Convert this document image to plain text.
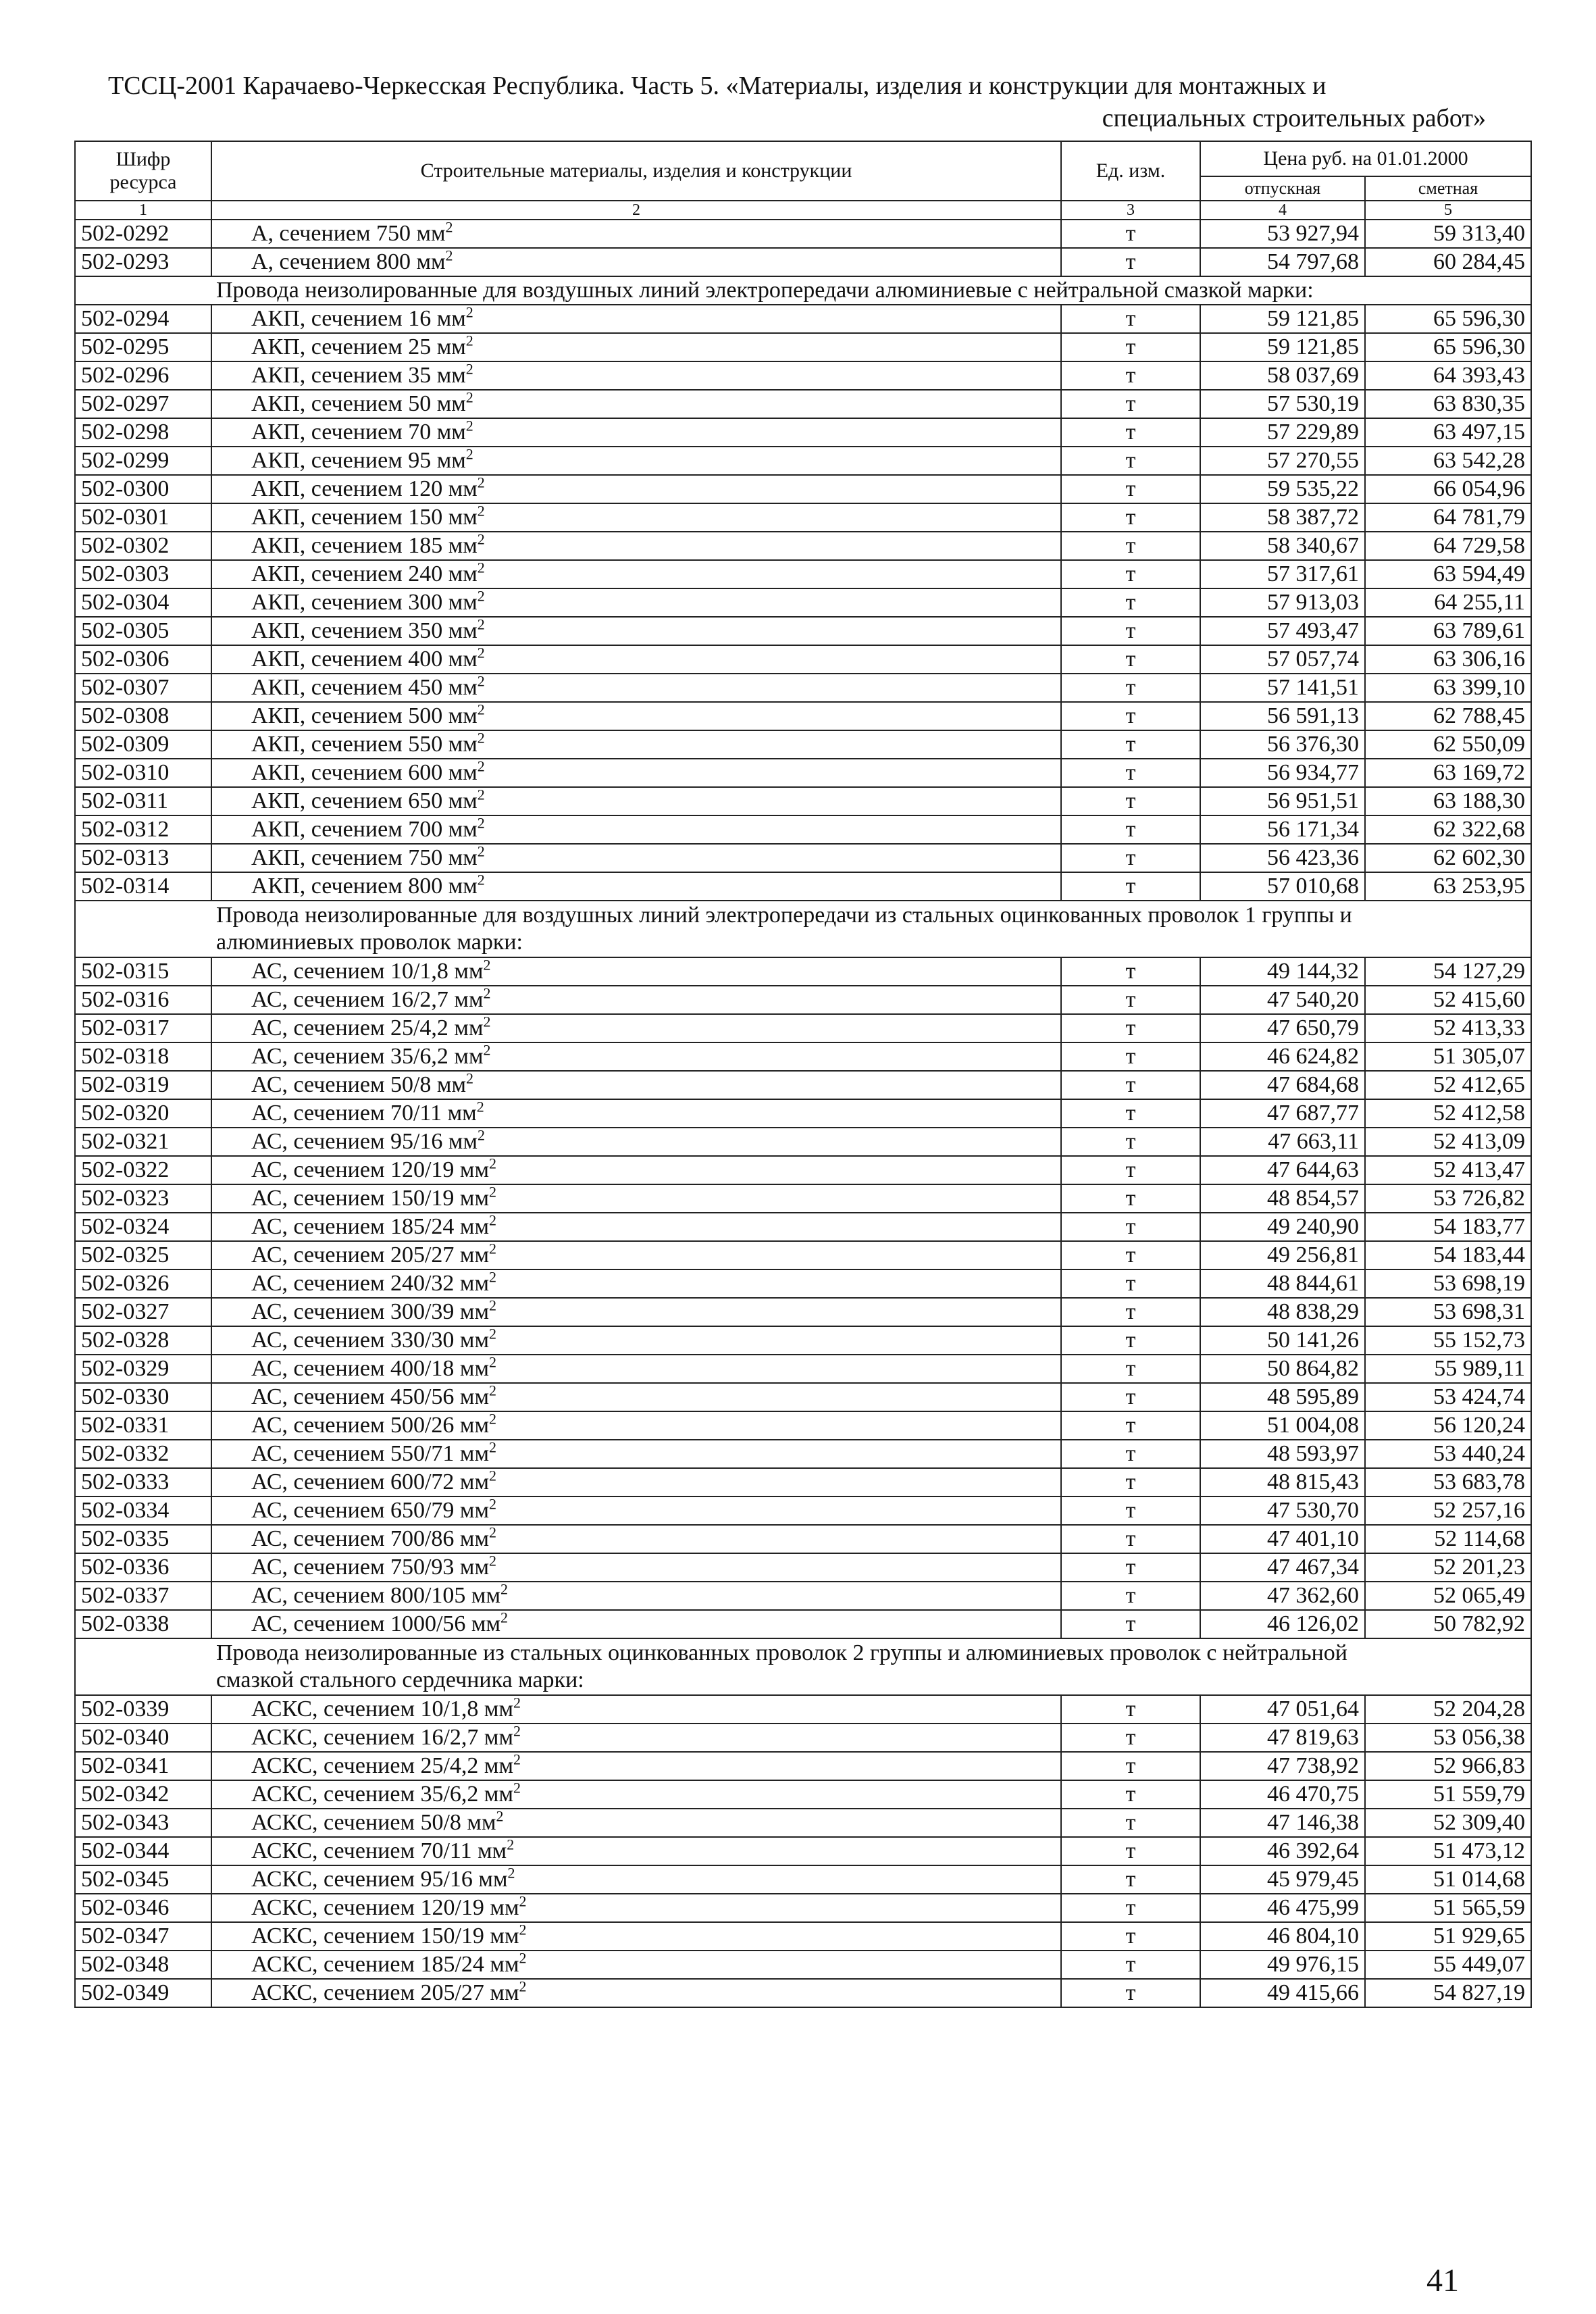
ТССЦ-2001 Карачаево-Черкесская Республика. Часть 5. «Материалы, изделия и конструкции для монтажных и
специальных строительных работ»
Шифр ресурса	Строительные материалы, изделия и конструкции	Ед. изм.	Цена руб. на 01.01.2000	
			отпускная	сметная
1	2	3	4	5
502-0292	А, сечением 750 $мм^2$	т	53 927,94	59 313,40
502-0293	А, сечением 800 $мм^2$	т	54 797,68	60 284,45
Провода неизолированные для воздушных линий электропередачи алюминиевые с нейтральной смазкой марки:				
502-0294	АКП, сечением 16 $мм^2$	т	59 121,85	65 596,30
502-0295	АКП, сечением 25 $мм^2$	т	59 121,85	65 596,30
502-0296	АКП, сечением 35 $мм^2$	т	58 037,69	64 393,43
502-0297	АКП, сечением 50 $мм^2$	т	57 530,19	63 830,35
502-0298	АКП, сечением 70 $мм^2$	т	57 229,89	63 497,15
502-0299	АКП, сечением 95 $мм^2$	т	57 270,55	63 542,28
502-0300	АКП, сечением 120 $мм^2$	т	59 535,22	66 054,96
502-0301	АКП, сечением 150 $мм^2$	т	58 387,72	64 781,79
502-0302	АКП, сечением 185 $мм^2$	т	58 340,67	64 729,58
502-0303	АКП, сечением 240 $мм^2$	т	57 317,61	63 594,49
502-0304	АКП, сечением 300 $мм^2$	т	57 913,03	64 255,11
502-0305	АКП, сечением 350 $мм^2$	т	57 493,47	63 789,61
502-0306	АКП, сечением 400 $мм^2$	т	57 057,74	63 306,16
502-0307	АКП, сечением 450 $мм^2$	т	57 141,51	63 399,10
502-0308	АКП, сечением 500 $мм^2$	т	56 591,13	62 788,45
502-0309	АКП, сечением 550 $мм^2$	т	56 376,30	62 550,09
502-0310	АКП, сечением 600 $мм^2$	т	56 934,77	63 169,72
502-0311	АКП, сечением 650 $мм^2$	т	56 951,51	63 188,30
502-0312	АКП, сечением 700 $мм^2$	т	56 171,34	62 322,68
502-0313	АКП, сечением 750 $мм^2$	т	56 423,36	62 602,30
502-0314	АКП, сечением 800 $мм^2$	т	57 010,68	63 253,95

Провода неизолированные для воздушных линий электропередачи из стальных оцинкованных проволок 1 группы и
алюминиевых проволок марки:				

502-0315	АС, сечением 10/1,8 $мм^2$	т	49 144,32	54 127,29
502-0316	АС, сечением 16/2,7 $мм^2$	т	47 540,20	52 415,60
502-0317	АС, сечением 25/4,2 $мм^2$	т	47 650,79	52 413,33
502-0318	АС, сечением 35/6,2 $мм^2$	т	46 624,82	51 305,07
502-0319	АС, сечением 50/8 $мм^2$	т	47 684,68	52 412,65
502-0320	АС, сечением 70/11 $мм^2$	т	47 687,77	52 412,58
502-0321	АС, сечением 95/16 $мм^2$	т	47 663,11	52 413,09
502-0322	АС, сечением 120/19 $мм^2$	т	47 644,63	52 413,47
502-0323	АС, сечением 150/19 $мм^2$	т	48 854,57	53 726,82
502-0324	АС, сечением 185/24 $мм^2$	т	49 240,90	54 183,77
502-0325	АС, сечением 205/27 $мм^2$	т	49 256,81	54 183,44
502-0326	АС, сечением 240/32 $мм^2$	т	48 844,61	53 698,19
502-0327	АС, сечением 300/39 $мм^2$	т	48 838,29	53 698,31
502-0328	АС, сечением 330/30 $мм^2$	т	50 141,26	55 152,73
502-0329	АС, сечением 400/18 $мм^2$	т	50 864,82	55 989,11
502-0330	АС, сечением 450/56 $мм^2$	т	48 595,89	53 424,74
502-0331	АС, сечением 500/26 $мм^2$	т	51 004,08	56 120,24
502-0332	АС, сечением 550/71 $мм^2$	т	48 593,97	53 440,24
502-0333	АС, сечением 600/72 $мм^2$	т	48 815,43	53 683,78
502-0334	АС, сечением 650/79 $мм^2$	т	47 530,70	52 257,16
502-0335	АС, сечением 700/86 $мм^2$	т	47 401,10	52 114,68
502-0336	АС, сечением 750/93 $мм^2$	т	47 467,34	52 201,23
502-0337	АС, сечением 800/105 $мм^2$	т	47 362,60	52 065,49
502-0338	АС, сечением 1000/56 $мм^2$	т	46 126,02	50 782,92

Провода неизолированные из стальных оцинкованных проволок 2 группы и алюминиевых проволок с нейтральной
смазкой стального сердечника марки:				

502-0339	АСКС, сечением 10/1,8 $мм^2$	т	47 051,64	52 204,28
502-0340	АСКС, сечением 16/2,7 $мм^2$	т	47 819,63	53 056,38
502-0341	АСКС, сечением 25/4,2 $мм^2$	т	47 738,92	52 966,83
502-0342	АСКС, сечением 35/6,2 $мм^2$	т	46 470,75	51 559,79
502-0343	АСКС, сечением 50/8 $мм^2$	т	47 146,38	52 309,40
502-0344	АСКС, сечением 70/11 $мм^2$	т	46 392,64	51 473,12
502-0345	АСКС, сечением 95/16 $мм^2$	т	45 979,45	51 014,68
502-0346	АСКС, сечением 120/19 $мм^2$	т	46 475,99	51 565,59
502-0347	АСКС, сечением 150/19 $мм^2$	т	46 804,10	51 929,65
502-0348	АСКС, сечением 185/24 $мм^2$	т	49 976,15	55 449,07
502-0349	АСКС, сечением 205/27 $мм^2$	т	49 415,66	54 827,19
41
